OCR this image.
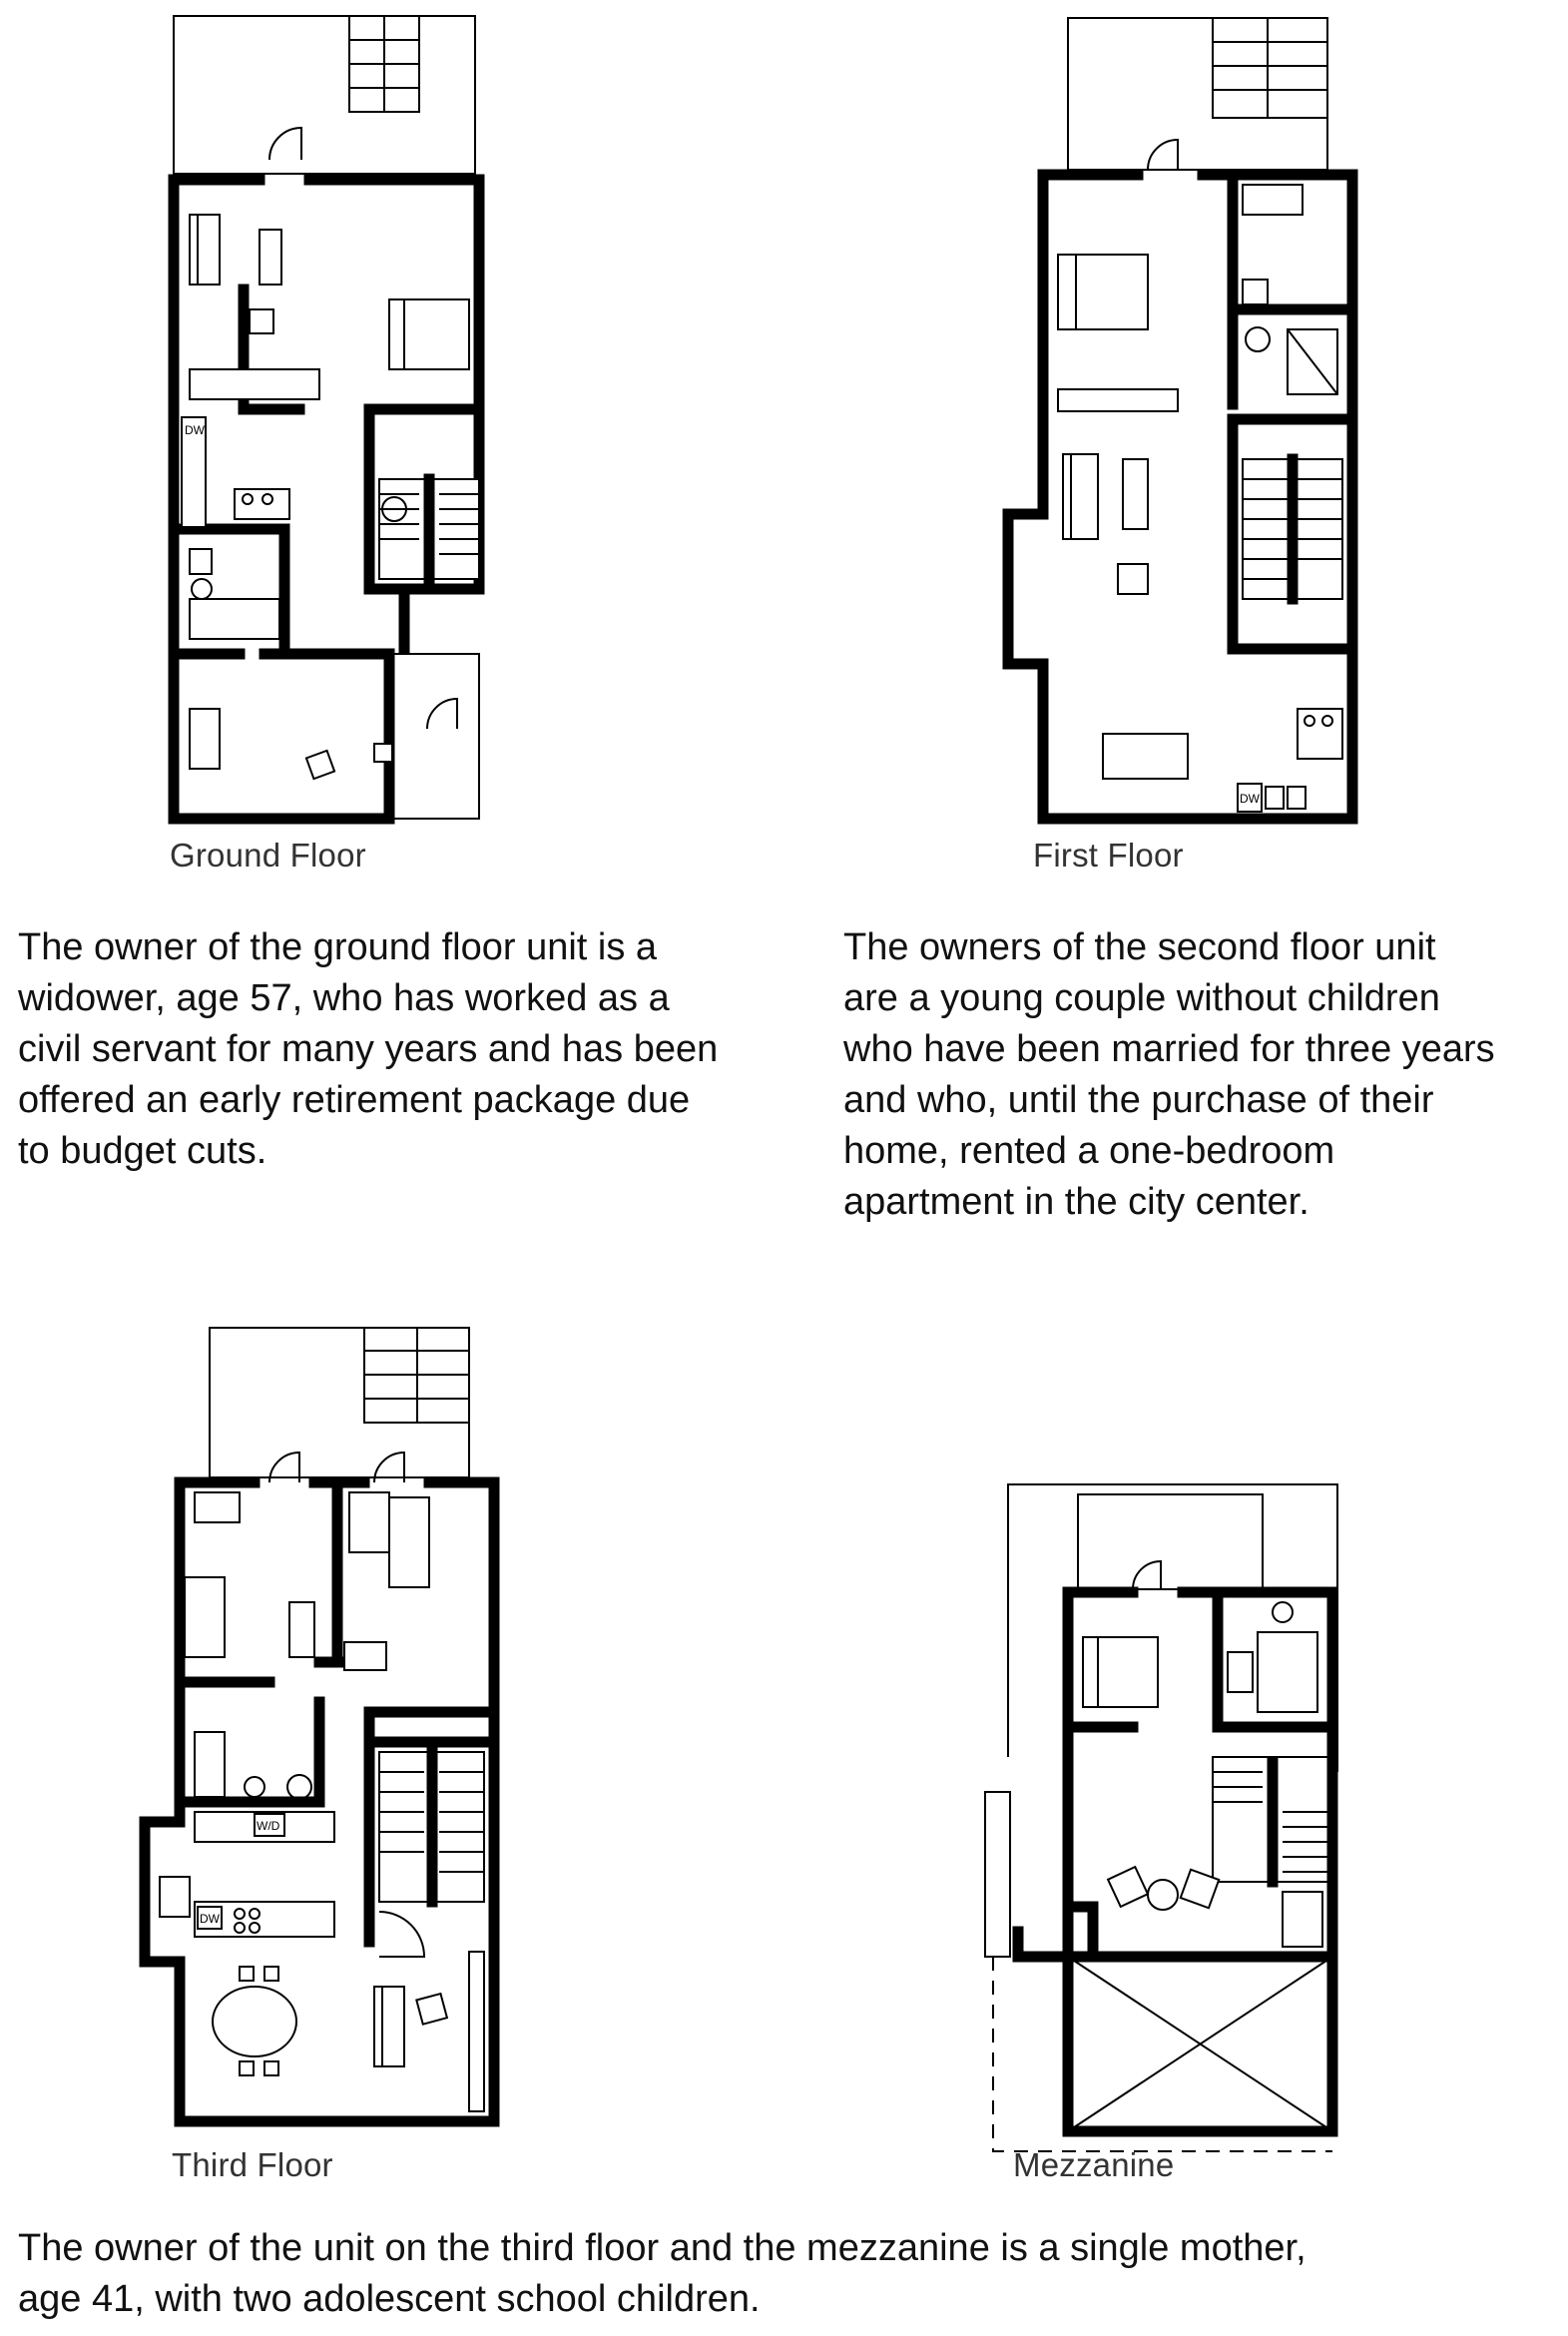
DW
Ground Floor
DW
First Floor

The owner of the ground floor unit is a
widower, age 57, who has worked as a
civil servant for many years and has been
offered an early retirement package due
to budget cuts.

The owners of the second floor unit
are a young couple without children
who have been married for three years
and who, until the purchase of their
home, rented a one-bedroom
apartment in the city center.

W/D
DW
Third Floor	Mezzanine

The owner of the unit on the third floor and the mezzanine is a single mother,
age 41, with two adolescent school children.
